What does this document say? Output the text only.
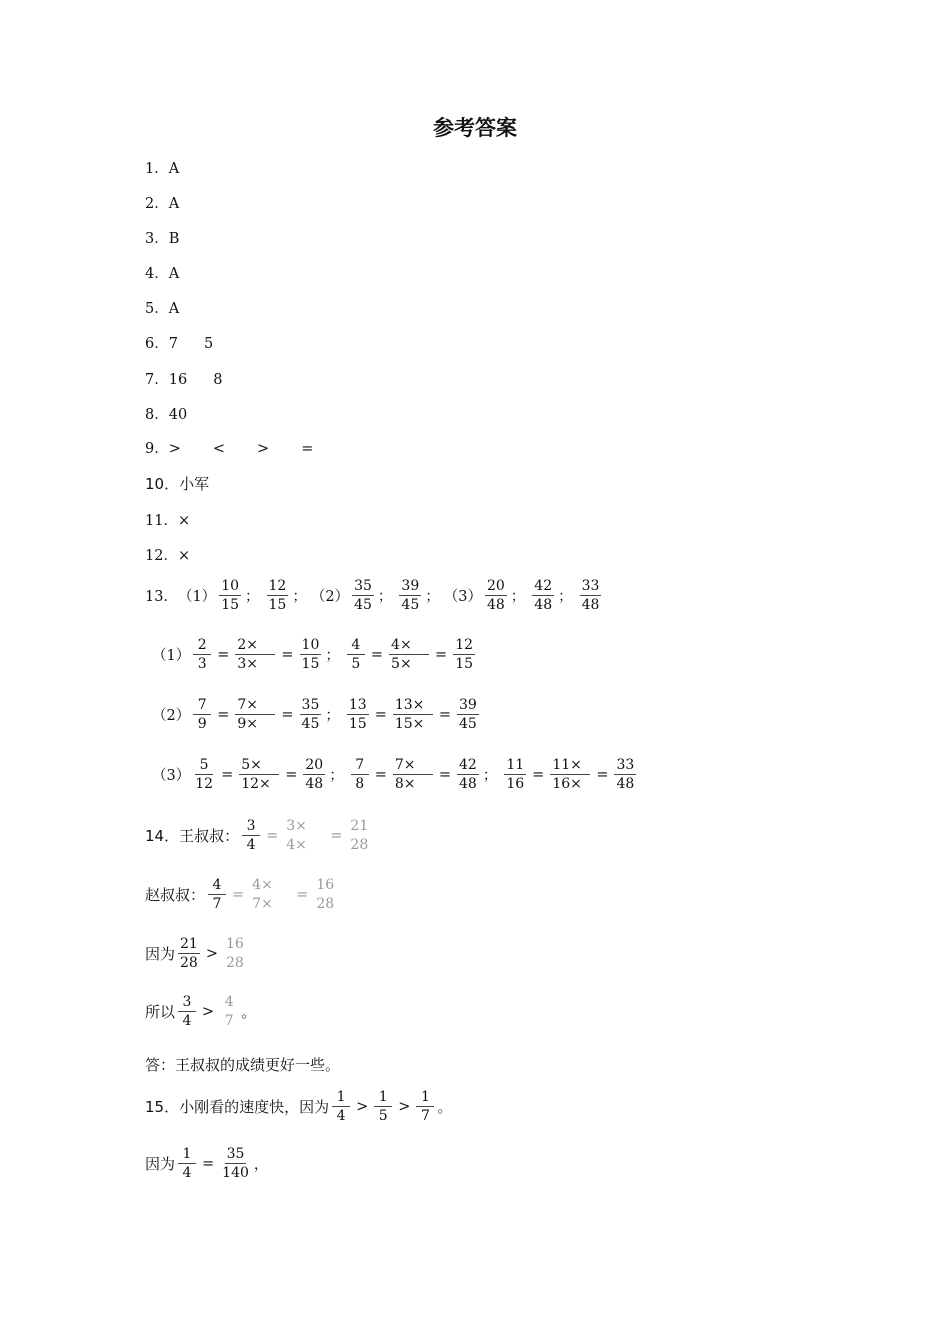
参考答案
1．A
2．A
3．B
4．A
5．A
6．7 5
7．16 8
8．40
9．> < > =
10．小军
11．×
12．×
13． $(1) \frac{10}{15}$ ； $\frac{12}{15}$ ； $(2) \frac{35}{45}$ ； $\frac{39}{45}$ ； $(3) \frac{20}{48}$ ； $\frac{42}{48}$ ； $\frac{33}{48}$
$(1) \frac{2}{3} = \frac{2\times}{3\times} = \frac{10}{15}$ ； $\frac{4}{5} = \frac{4\times}{5\times} = \frac{12}{15}$
$(2) \frac{7}{9} = \frac{7\times}{9\times} = \frac{35}{45}$ ； $\frac{13}{15} = \frac{13\times}{15\times} = \frac{39}{45}$
$(3) \frac{5}{12} = \frac{5\times}{12\times} = \frac{20}{48}$ ； $\frac{7}{8} = \frac{7\times}{8\times} = \frac{42}{48}$ ； $\frac{11}{16} = \frac{11\times}{16\times} = \frac{33}{48}$
14．王叔叔： $\frac{3}{4} = \frac{3\times}{4\times} = \frac{21}{28}$
赵叔叔： $\frac{4}{7} = \frac{4\times}{7\times} = \frac{16}{28}$
因为 $\frac{21}{28} > \frac{16}{28}$
所以 $\frac{3}{4} > \frac{4}{7}$ 。
答：王叔叔的成绩更好一些。
15．小刚看的速度快，因为 $\frac{1}{4} > \frac{1}{5} > \frac{1}{7}$ 。
因为 $\frac{1}{4} = \frac{35}{140}$ ，
